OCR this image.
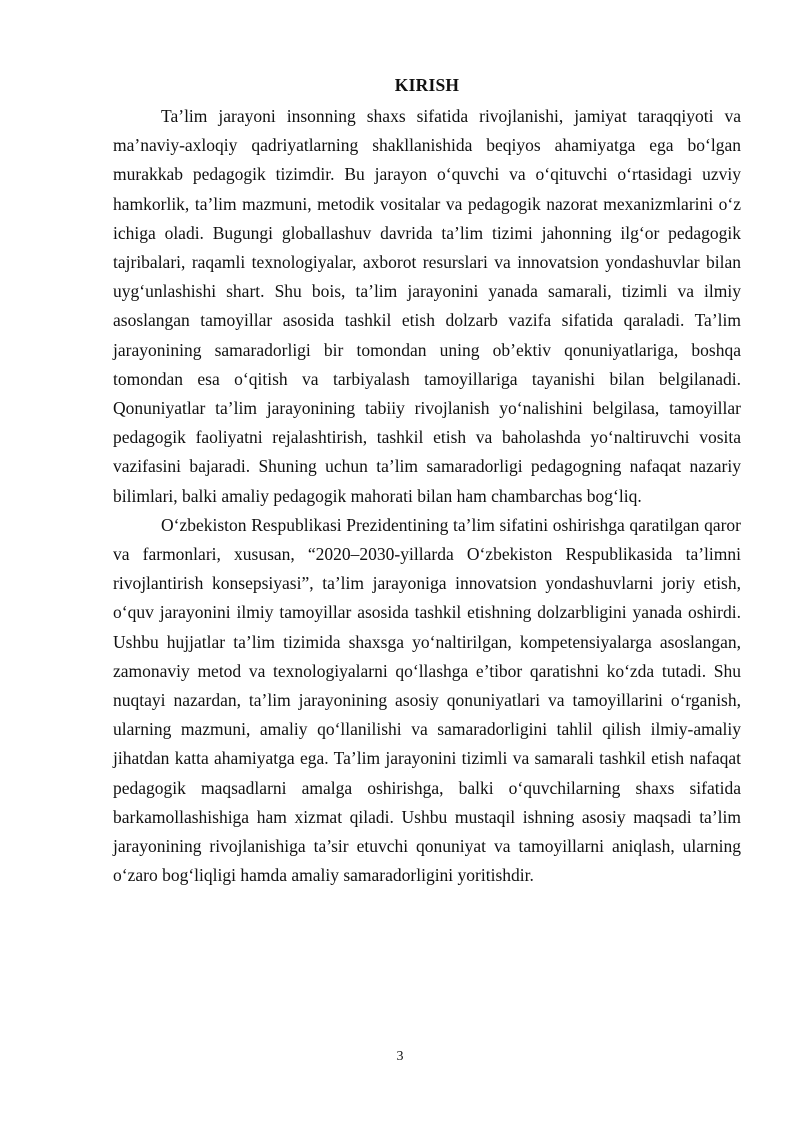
KIRISH

Ta’lim jarayoni insonning shaxs sifatida rivojlanishi, jamiyat taraqqiyoti va ma’naviy-axloqiy qadriyatlarning shakllanishida beqiyos ahamiyatga ega bo‘lgan murakkab pedagogik tizimdir. Bu jarayon o‘quvchi va o‘qituvchi o‘rtasidagi uzviy hamkorlik, ta’lim mazmuni, metodik vositalar va pedagogik nazorat mexanizmlarini o‘z ichiga oladi. Bugungi globallashuv davrida ta’lim tizimi jahonning ilg‘or pedagogik tajribalari, raqamli texnologiyalar, axborot resurslari va innovatsion yondashuvlar bilan uyg‘unlashishi shart. Shu bois, ta’lim jarayonini yanada samarali, tizimli va ilmiy asoslangan tamoyillar asosida tashkil etish dolzarb vazifa sifatida qaraladi. Ta’lim jarayonining samaradorligi bir tomondan uning ob’ektiv qonuniyatlariga, boshqa tomondan esa o‘qitish va tarbiyalash tamoyillariga tayanishi bilan belgilanadi. Qonuniyatlar ta’lim jarayonining tabiiy rivojlanish yo‘nalishini belgilasa, tamoyillar pedagogik faoliyatni rejalashtirish, tashkil etish va baholashda yo‘naltiruvchi vosita vazifasini bajaradi. Shuning uchun ta’lim samaradorligi pedagogning nafaqat nazariy bilimlari, balki amaliy pedagogik mahorati bilan ham chambarchas bog‘liq.

O‘zbekiston Respublikasi Prezidentining ta’lim sifatini oshirishga qaratilgan qaror va farmonlari, xususan, “2020–2030-yillarda O‘zbekiston Respublikasida ta’limni rivojlantirish konsepsiyasi”, ta’lim jarayoniga innovatsion yondashuvlarni joriy etish, o‘quv jarayonini ilmiy tamoyillar asosida tashkil etishning dolzarbligini yanada oshirdi. Ushbu hujjatlar ta’lim tizimida shaxsga yo‘naltirilgan, kompetensiyalarga asoslangan, zamonaviy metod va texnologiyalarni qo‘llashga e’tibor qaratishni ko‘zda tutadi. Shu nuqtayi nazardan, ta’lim jarayonining asosiy qonuniyatlari va tamoyillarini o‘rganish, ularning mazmuni, amaliy qo‘llanilishi va samaradorligini tahlil qilish ilmiy-amaliy jihatdan katta ahamiyatga ega. Ta’lim jarayonini tizimli va samarali tashkil etish nafaqat pedagogik maqsadlarni amalga oshirishga, balki o‘quvchilarning shaxs sifatida barkamollashishiga ham xizmat qiladi. Ushbu mustaqil ishning asosiy maqsadi ta’lim jarayonining rivojlanishiga ta’sir etuvchi qonuniyat va tamoyillarni aniqlash, ularning o‘zaro bog‘liqligi hamda amaliy samaradorligini yoritishdir.

3
